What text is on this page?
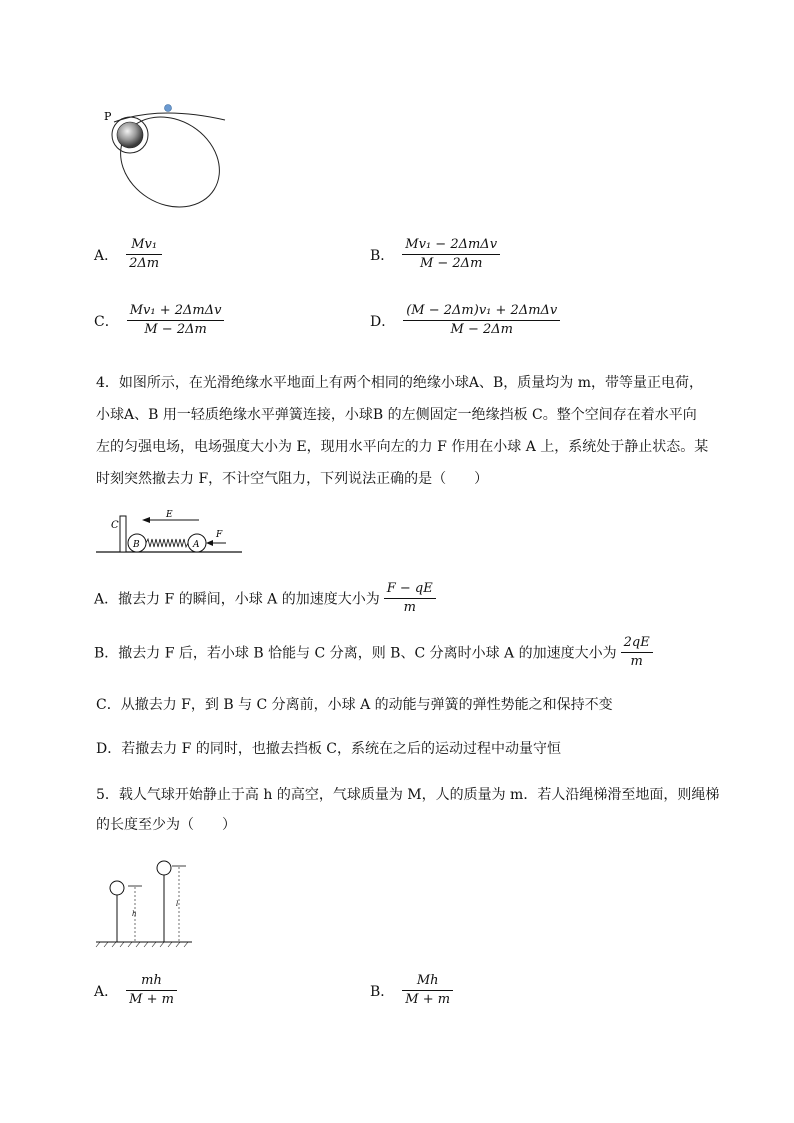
P
A． $\frac{\text{Mv₁}}{2\Delta m}$	B． $\frac{\text{Mv₁ − 2ΔmΔv}}{M - 2\Delta m}$
C． $\frac{\text{Mv₁ + 2ΔmΔv}}{M - 2\Delta m}$	D． $\frac{\text{(M − 2Δm)v₁ + 2ΔmΔv}}{M - 2\Delta m}$
4．如图所示，在光滑绝缘水平地面上有两个相同的绝缘小球A、B，质量均为 m，带等量正电荷，
小球A、B 用一轻质绝缘水平弹簧连接，小球B 的左侧固定一绝缘挡板 C。整个空间存在着水平向
左的匀强电场，电场强度大小为 E，现用水平向左的力 F 作用在小球 A 上，系统处于静止状态。某
时刻突然撤去力 F，不计空气阻力，下列说法正确的是（　　）
C
E
B	A
F
A．撤去力 F 的瞬间，小球 A 的加速度大小为 $\frac{F - qE}{m}$
B．撤去力 F 后，若小球 B 恰能与 C 分离，则 B、C 分离时小球 A 的加速度大小为 $\frac{2qE}{m}$
C．从撤去力 F，到 B 与 C 分离前，小球 A 的动能与弹簧的弹性势能之和保持不变
D．若撤去力 F 的同时，也撤去挡板 C，系统在之后的运动过程中动量守恒
5．载人气球开始静止于高 h 的高空，气球质量为 M，人的质量为 m．若人沿绳梯滑至地面，则绳梯
的长度至少为（　　）
h
l
A． $\frac{mh}{M + m}$	B． $\frac{Mh}{M + m}$
